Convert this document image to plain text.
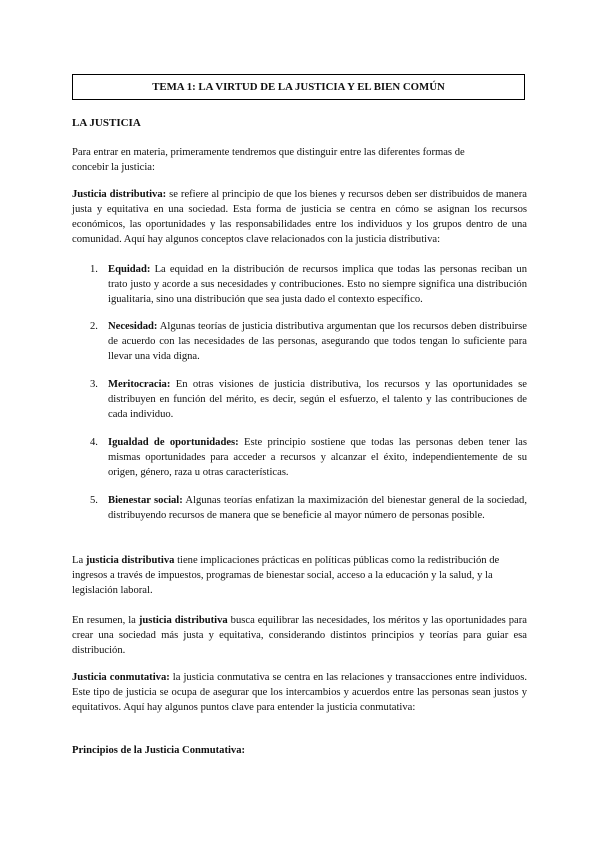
TEMA 1: LA VIRTUD DE LA JUSTICIA Y EL BIEN COMÚN
LA JUSTICIA

Para entrar en materia, primeramente tendremos que distinguir entre las diferentes formas de concebir la justicia:

Justicia distributiva: se refiere al principio de que los bienes y recursos deben ser distribuidos de manera justa y equitativa en una sociedad. Esta forma de justicia se centra en cómo se asignan los recursos económicos, las oportunidades y las responsabilidades entre los individuos y los grupos dentro de una comunidad. Aquí hay algunos conceptos clave relacionados con la justicia distributiva:

1. Equidad: La equidad en la distribución de recursos implica que todas las personas reciban un trato justo y acorde a sus necesidades y contribuciones. Esto no siempre significa una distribución igualitaria, sino una distribución que sea justa dado el contexto específico.

2. Necesidad: Algunas teorías de justicia distributiva argumentan que los recursos deben distribuirse de acuerdo con las necesidades de las personas, asegurando que todos tengan lo suficiente para llevar una vida digna.

3. Meritocracia: En otras visiones de justicia distributiva, los recursos y las oportunidades se distribuyen en función del mérito, es decir, según el esfuerzo, el talento y las contribuciones de cada individuo.

4. Igualdad de oportunidades: Este principio sostiene que todas las personas deben tener las mismas oportunidades para acceder a recursos y alcanzar el éxito, independientemente de su origen, género, raza u otras características.

5. Bienestar social: Algunas teorías enfatizan la maximización del bienestar general de la sociedad, distribuyendo recursos de manera que se beneficie al mayor número de personas posible.

La justicia distributiva tiene implicaciones prácticas en políticas públicas como la redistribución de ingresos a través de impuestos, programas de bienestar social, acceso a la educación y la salud, y la legislación laboral.

En resumen, la justicia distributiva busca equilibrar las necesidades, los méritos y las oportunidades para crear una sociedad más justa y equitativa, considerando distintos principios y teorías para guiar esa distribución.

Justicia conmutativa: la justicia conmutativa se centra en las relaciones y transacciones entre individuos. Este tipo de justicia se ocupa de asegurar que los intercambios y acuerdos entre las personas sean justos y equitativos. Aquí hay algunos puntos clave para entender la justicia conmutativa:

Principios de la Justicia Conmutativa:
